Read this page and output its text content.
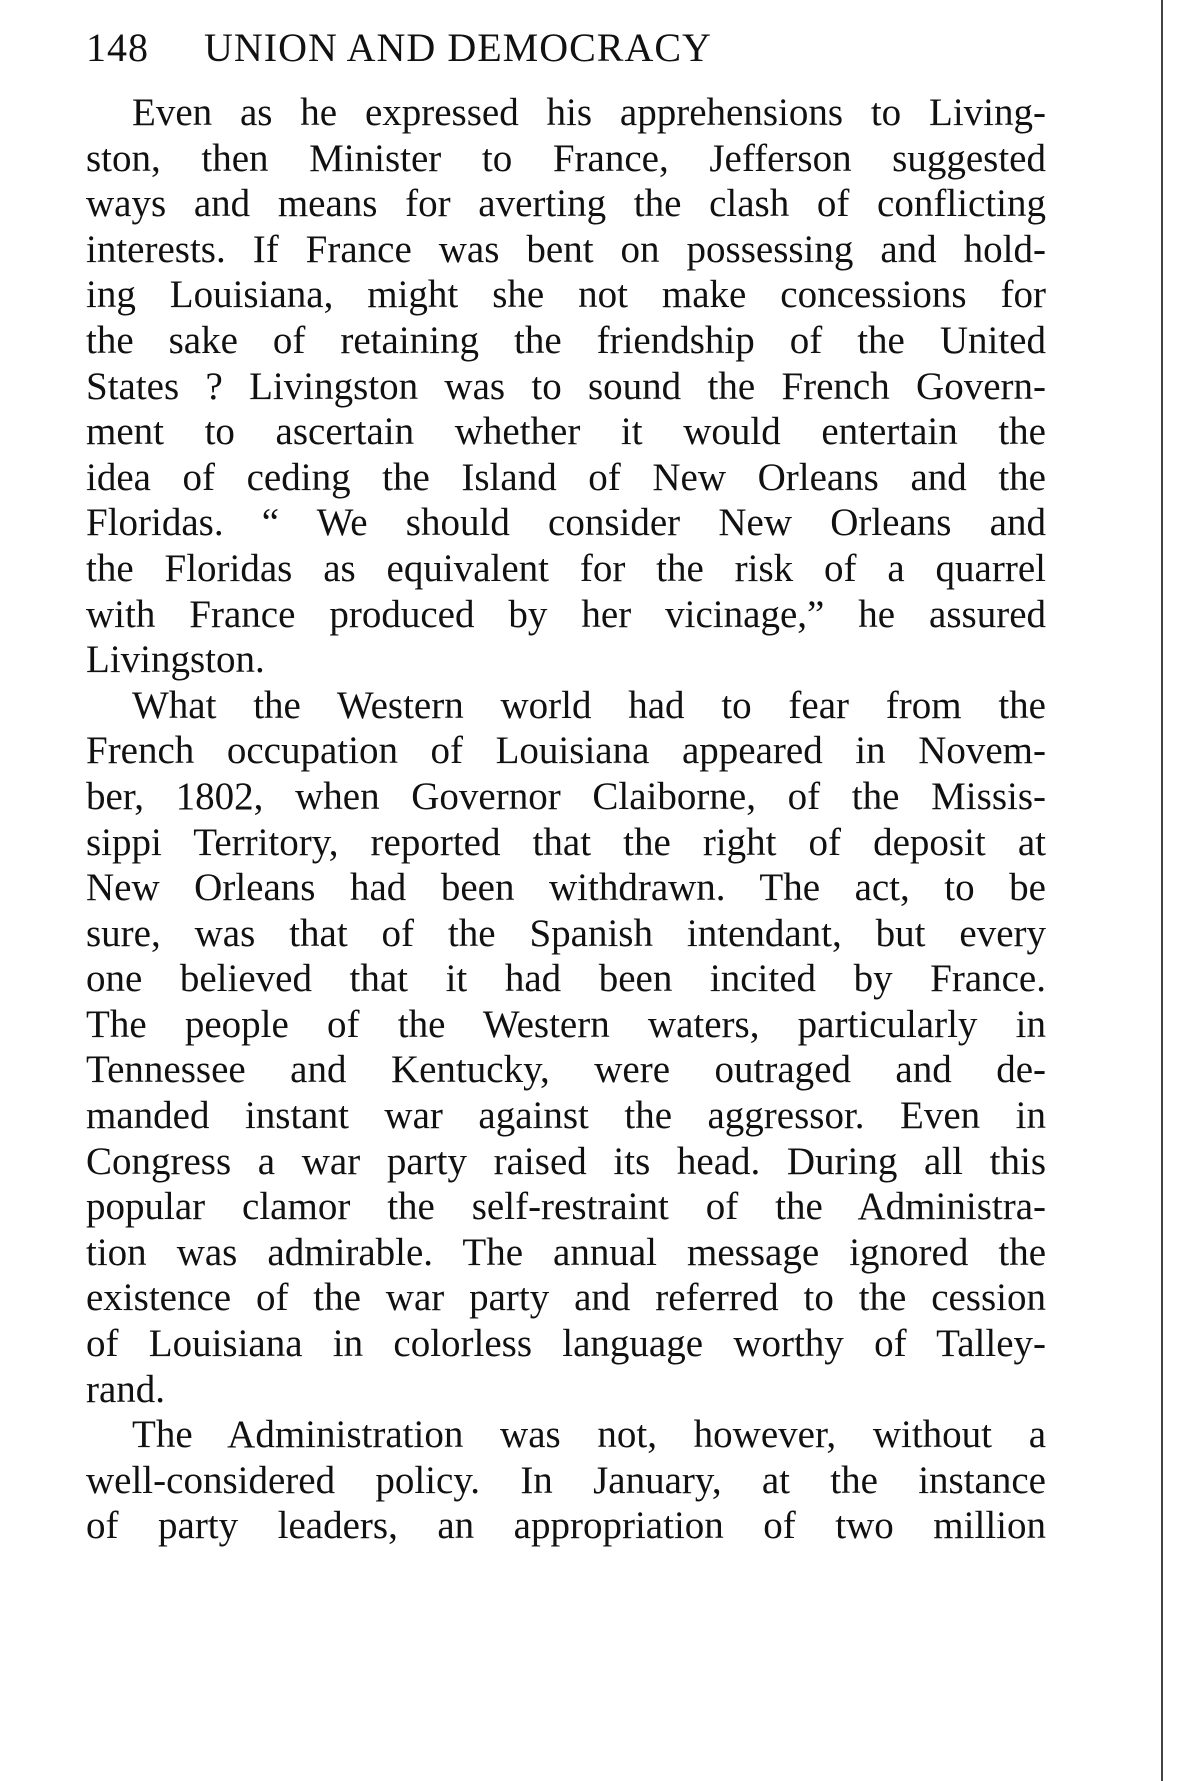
148 UNION AND DEMOCRACY
Even as he expressed his apprehensions to Living-
ston, then Minister to France, Jefferson suggested
ways and means for averting the clash of conflicting
interests. If France was bent on possessing and hold-
ing Louisiana, might she not make concessions for
the sake of retaining the friendship of the United
States ? Livingston was to sound the French Govern-
ment to ascertain whether it would entertain the
idea of ceding the Island of New Orleans and the
Floridas. “ We should consider New Orleans and
the Floridas as equivalent for the risk of a quarrel
with France produced by her vicinage,” he assured
Livingston.
What the Western world had to fear from the
French occupation of Louisiana appeared in Novem-
ber, 1802, when Governor Claiborne, of the Missis-
sippi Territory, reported that the right of deposit at
New Orleans had been withdrawn. The act, to be
sure, was that of the Spanish intendant, but every
one believed that it had been incited by France.
The people of the Western waters, particularly in
Tennessee and Kentucky, were outraged and de-
manded instant war against the aggressor. Even in
Congress a war party raised its head. During all this
popular clamor the self-restraint of the Administra-
tion was admirable. The annual message ignored the
existence of the war party and referred to the cession
of Louisiana in colorless language worthy of Talley-
rand.
The Administration was not, however, without a
well-considered policy. In January, at the instance
of party leaders, an appropriation of two million
